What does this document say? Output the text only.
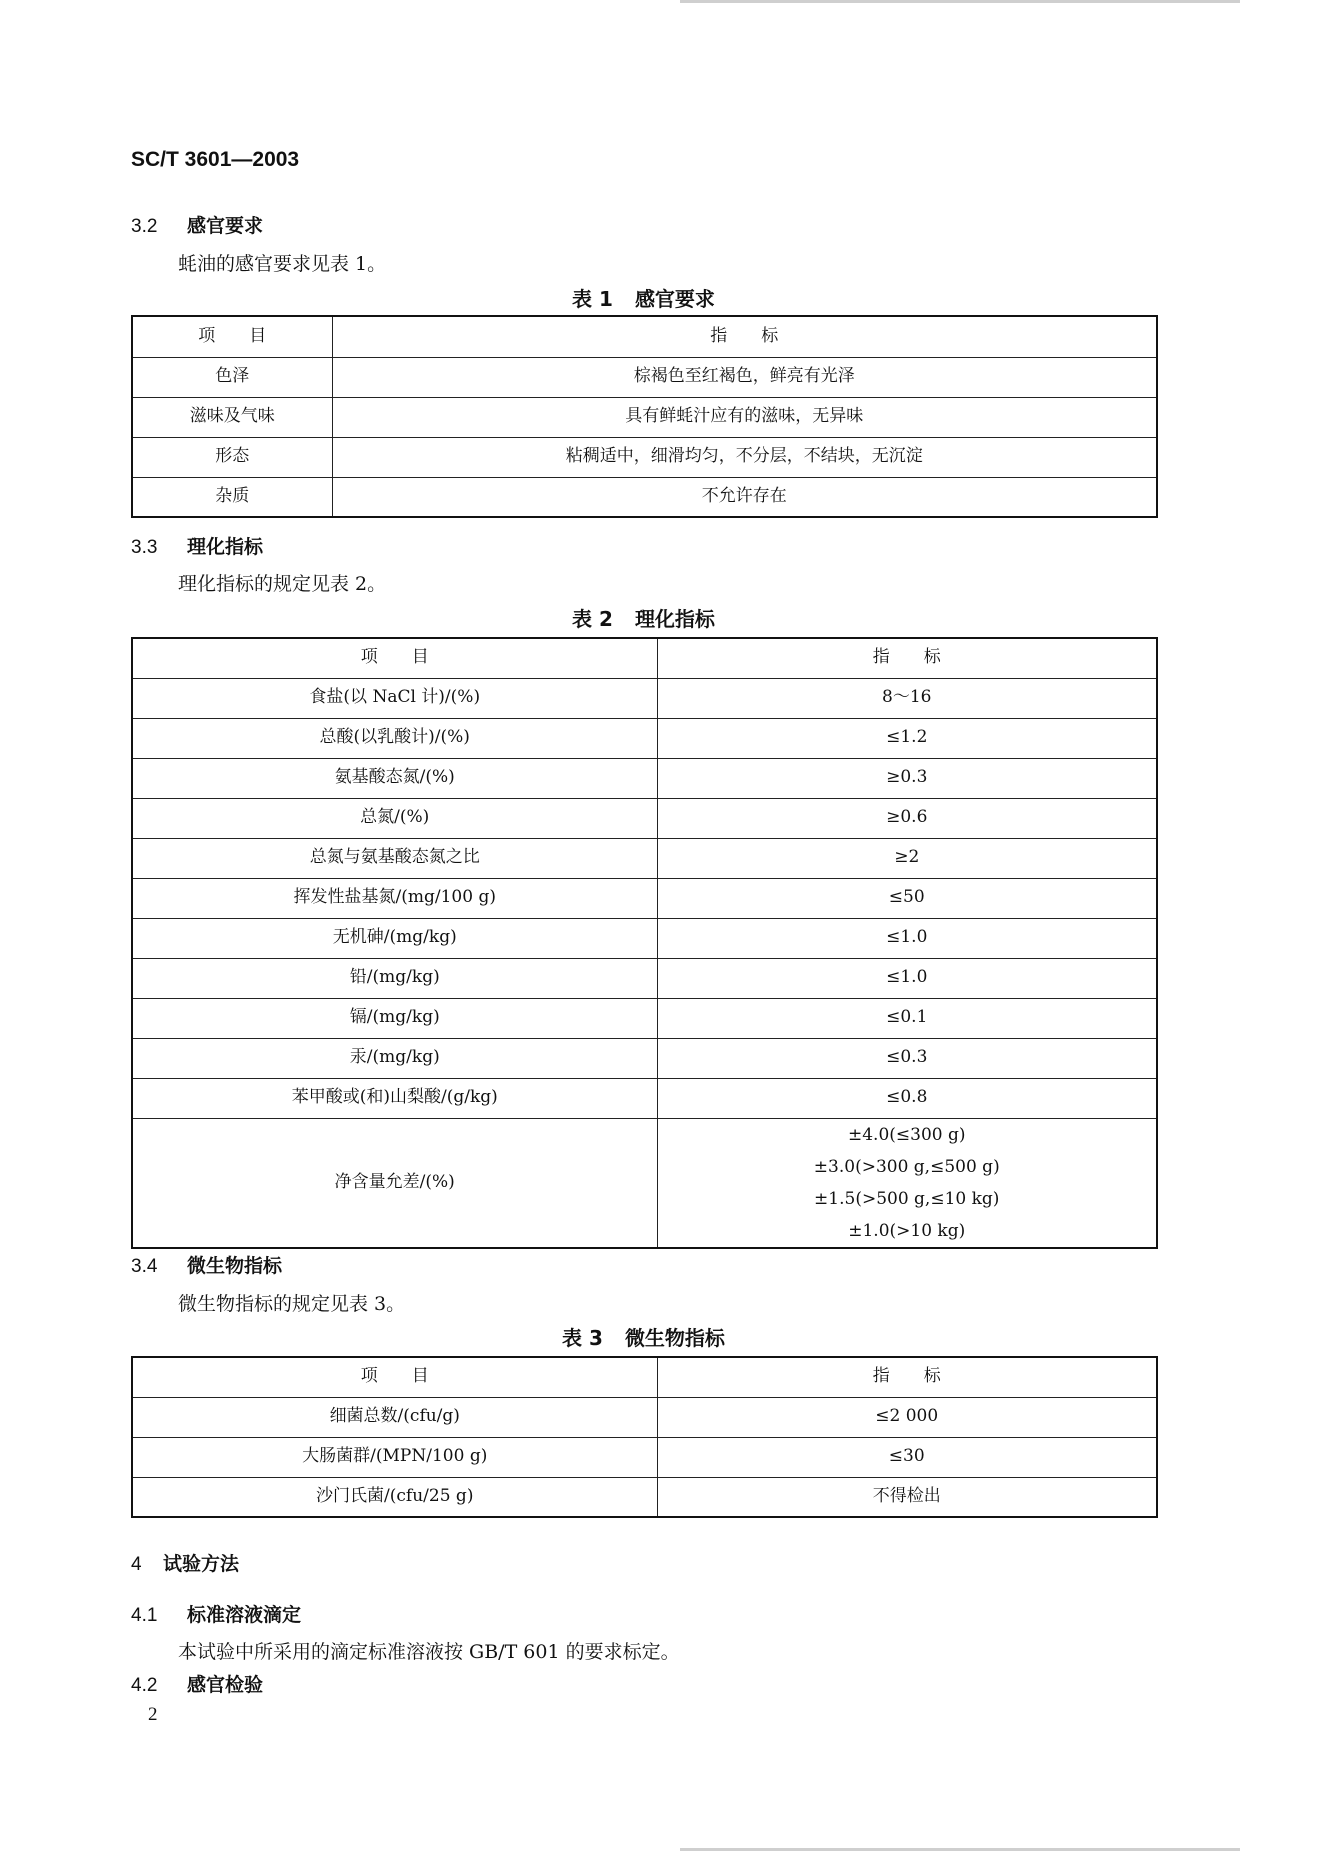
SC/T 3601—2003
3.2 感官要求
蚝油的感官要求见表 1。
表 1 感官要求
项　　目	指　　标
色泽	棕褐色至红褐色，鲜亮有光泽
滋味及气味	具有鲜蚝汁应有的滋味，无异味
形态	粘稠适中，细滑均匀，不分层，不结块，无沉淀
杂质	不允许存在
3.3 理化指标
理化指标的规定见表 2。
表 2 理化指标
项　　目	指　　标
食盐(以 NaCl 计)/(%)	8～16
总酸(以乳酸计)/(%)	≤1.2
氨基酸态氮/(%)	≥0.3
总氮/(%)	≥0.6
总氮与氨基酸态氮之比	≥2
挥发性盐基氮/(mg/100 g)	≤50
无机砷/(mg/kg)	≤1.0
铅/(mg/kg)	≤1.0
镉/(mg/kg)	≤0.1
汞/(mg/kg)	≤0.3
苯甲酸或(和)山梨酸/(g/kg)	≤0.8
净含量允差/(%)	±4.0(≤300 g)
±3.0(>300 g,≤500 g)
±1.5(>500 g,≤10 kg)
±1.0(>10 kg)
3.4 微生物指标
微生物指标的规定见表 3。
表 3 微生物指标
项　　目	指　　标
细菌总数/(cfu/g)	≤2 000
大肠菌群/(MPN/100 g)	≤30
沙门氏菌/(cfu/25 g)	不得检出
4 试验方法
4.1 标准溶液滴定
本试验中所采用的滴定标准溶液按 GB/T 601 的要求标定。
4.2 感官检验
2
